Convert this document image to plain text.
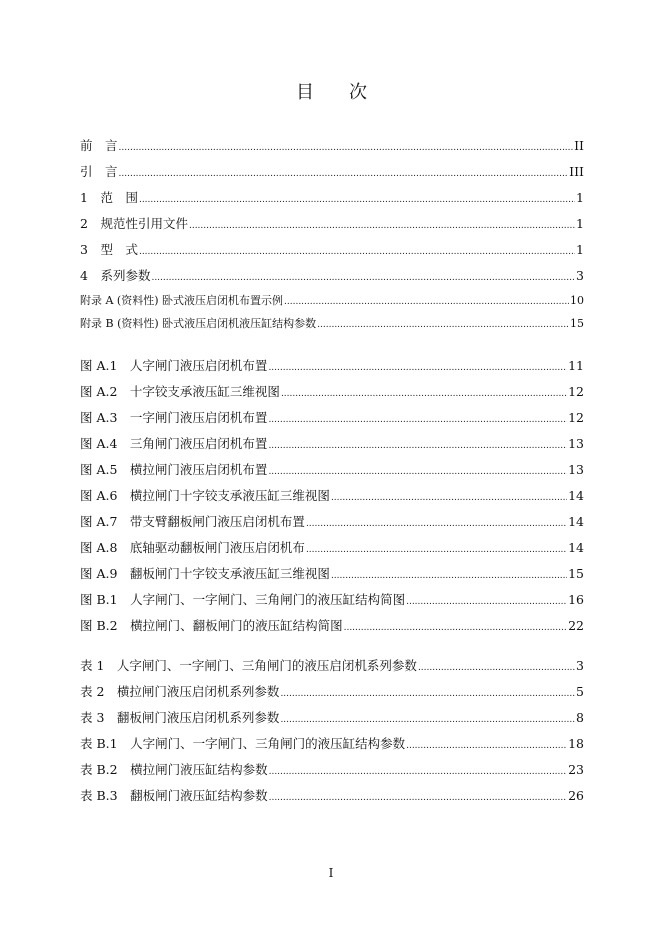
目 次
前　言 .....	II
引　言 .....	III
1　范　围 .....	1
2　规范性引用文件 .....	1
3　型　式 .....	1
4　系列参数 .....	3
附录 A (资料性) 卧式液压启闭机布置示例 .....	10
附录 B (资料性) 卧式液压启闭机液压缸结构参数 .....	15
图 A.1　人字闸门液压启闭机布置 .....	11
图 A.2　十字铰支承液压缸三维视图 .....	12
图 A.3　一字闸门液压启闭机布置 .....	12
图 A.4　三角闸门液压启闭机布置 .....	13
图 A.5　横拉闸门液压启闭机布置 .....	13
图 A.6　横拉闸门十字铰支承液压缸三维视图 .....	14
图 A.7　带支臂翻板闸门液压启闭机布置 .....	14
图 A.8　底轴驱动翻板闸门液压启闭机布 .....	14
图 A.9　翻板闸门十字铰支承液压缸三维视图 .....	15
图 B.1　人字闸门、一字闸门、三角闸门的液压缸结构简图 .....	16
图 B.2　横拉闸门、翻板闸门的液压缸结构简图 .....	22
表 1　人字闸门、一字闸门、三角闸门的液压启闭机系列参数 .....	3
表 2　横拉闸门液压启闭机系列参数 .....	5
表 3　翻板闸门液压启闭机系列参数 .....	8
表 B.1　人字闸门、一字闸门、三角闸门的液压缸结构参数 .....	18
表 B.2　横拉闸门液压缸结构参数 .....	23
表 B.3　翻板闸门液压缸结构参数 .....	26
I
